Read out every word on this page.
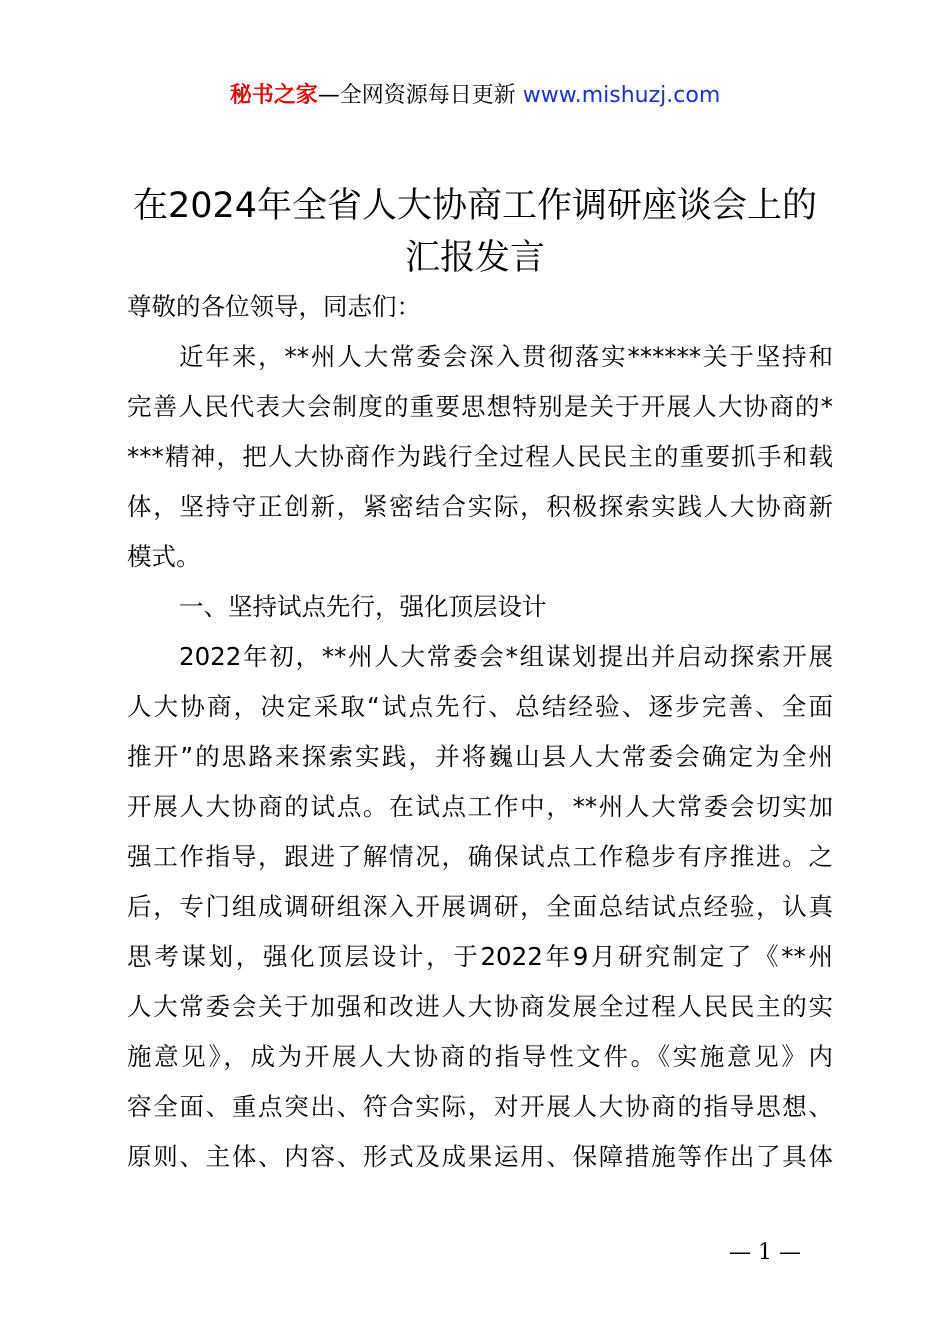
秘书之家—全网资源每日更新 www.mishuzj.com
在2024年全省人大协商工作调研座谈会上的
汇报发言
尊敬的各位领导，同志们：
近年来，**州人大常委会深入贯彻落实******关于坚持和
完善人民代表大会制度的重要思想特别是关于开展人大协商的*
***精神，把人大协商作为践行全过程人民民主的重要抓手和载
体，坚持守正创新，紧密结合实际，积极探索实践人大协商新
模式。
一、坚持试点先行，强化顶层设计
2022年初，**州人大常委会*组谋划提出并启动探索开展
人大协商，决定采取“试点先行、总结经验、逐步完善、全面
推开”的思路来探索实践，并将巍山县人大常委会确定为全州
开展人大协商的试点。在试点工作中，**州人大常委会切实加
强工作指导，跟进了解情况，确保试点工作稳步有序推进。之
后，专门组成调研组深入开展调研，全面总结试点经验，认真
思考谋划，强化顶层设计，于2022年9月研究制定了《**州
人大常委会关于加强和改进人大协商发展全过程人民民主的实
施意见》，成为开展人大协商的指导性文件。《实施意见》内
容全面、重点突出、符合实际，对开展人大协商的指导思想、
原则、主体、内容、形式及成果运用、保障措施等作出了具体
— 1 —
